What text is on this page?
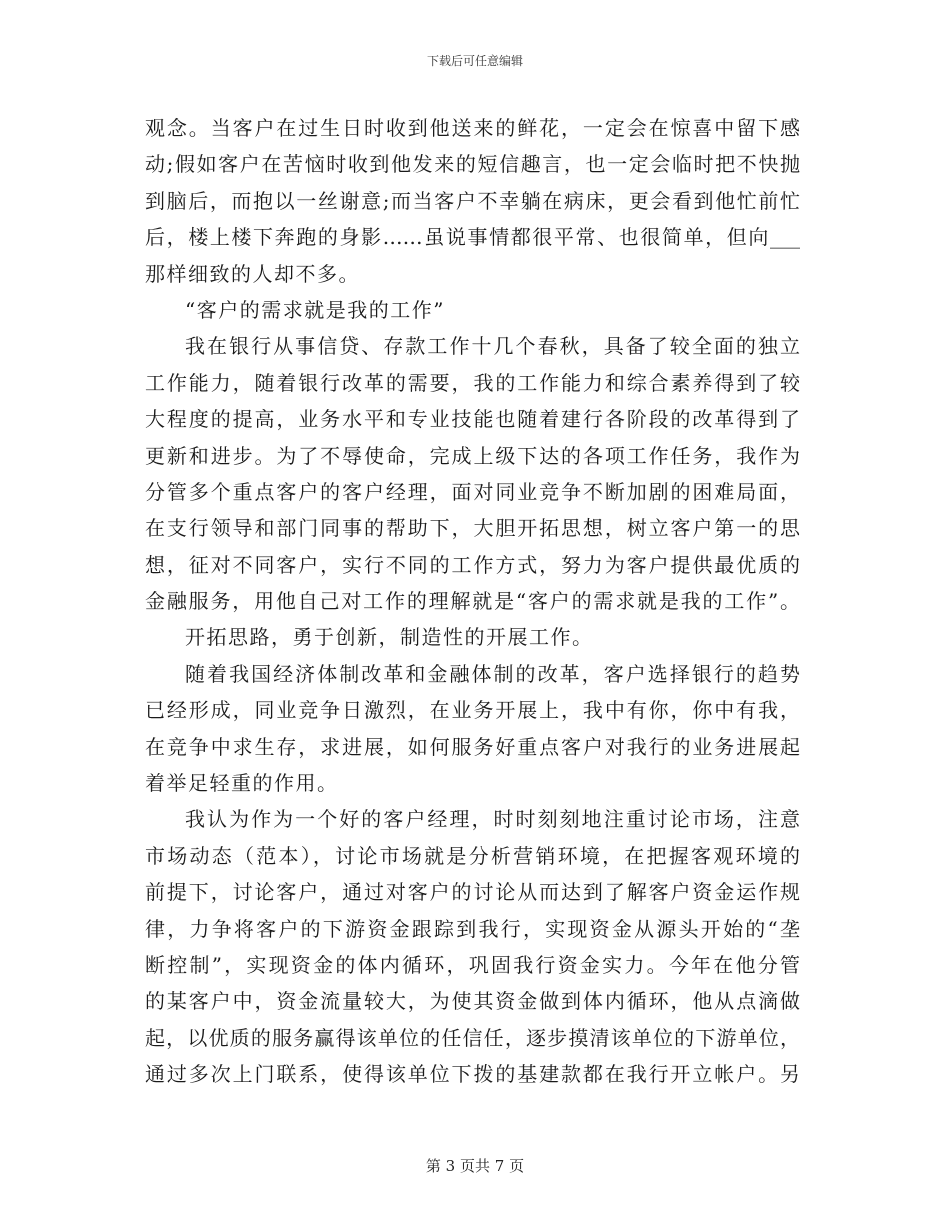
下载后可任意编辑
观念。当客户在过生日时收到他送来的鲜花，一定会在惊喜中留下感
动;假如客户在苦恼时收到他发来的短信趣言，也一定会临时把不快抛
到脑后，而抱以一丝谢意;而当客户不幸躺在病床，更会看到他忙前忙
后，楼上楼下奔跑的身影……虽说事情都很平常、也很简单，但向___
那样细致的人却不多。
“客户的需求就是我的工作”
我在银行从事信贷、存款工作十几个春秋，具备了较全面的独立
工作能力，随着银行改革的需要，我的工作能力和综合素养得到了较
大程度的提高，业务水平和专业技能也随着建行各阶段的改革得到了
更新和进步。为了不辱使命，完成上级下达的各项工作任务，我作为
分管多个重点客户的客户经理，面对同业竞争不断加剧的困难局面，
在支行领导和部门同事的帮助下，大胆开拓思想，树立客户第一的思
想，征对不同客户，实行不同的工作方式，努力为客户提供最优质的
金融服务，用他自己对工作的理解就是“客户的需求就是我的工作”。
开拓思路，勇于创新，制造性的开展工作。
随着我国经济体制改革和金融体制的改革，客户选择银行的趋势
已经形成，同业竞争日激烈，在业务开展上，我中有你，你中有我，
在竞争中求生存，求进展，如何服务好重点客户对我行的业务进展起
着举足轻重的作用。
我认为作为一个好的客户经理，时时刻刻地注重讨论市场，注意
市场动态（范本），讨论市场就是分析营销环境，在把握客观环境的
前提下，讨论客户，通过对客户的讨论从而达到了解客户资金运作规
律，力争将客户的下游资金跟踪到我行，实现资金从源头开始的“垄
断控制”，实现资金的体内循环，巩固我行资金实力。今年在他分管
的某客户中，资金流量较大，为使其资金做到体内循环，他从点滴做
起，以优质的服务赢得该单位的任信任，逐步摸清该单位的下游单位，
通过多次上门联系，使得该单位下拨的基建款都在我行开立帐户。另
第 3 页共 7 页
